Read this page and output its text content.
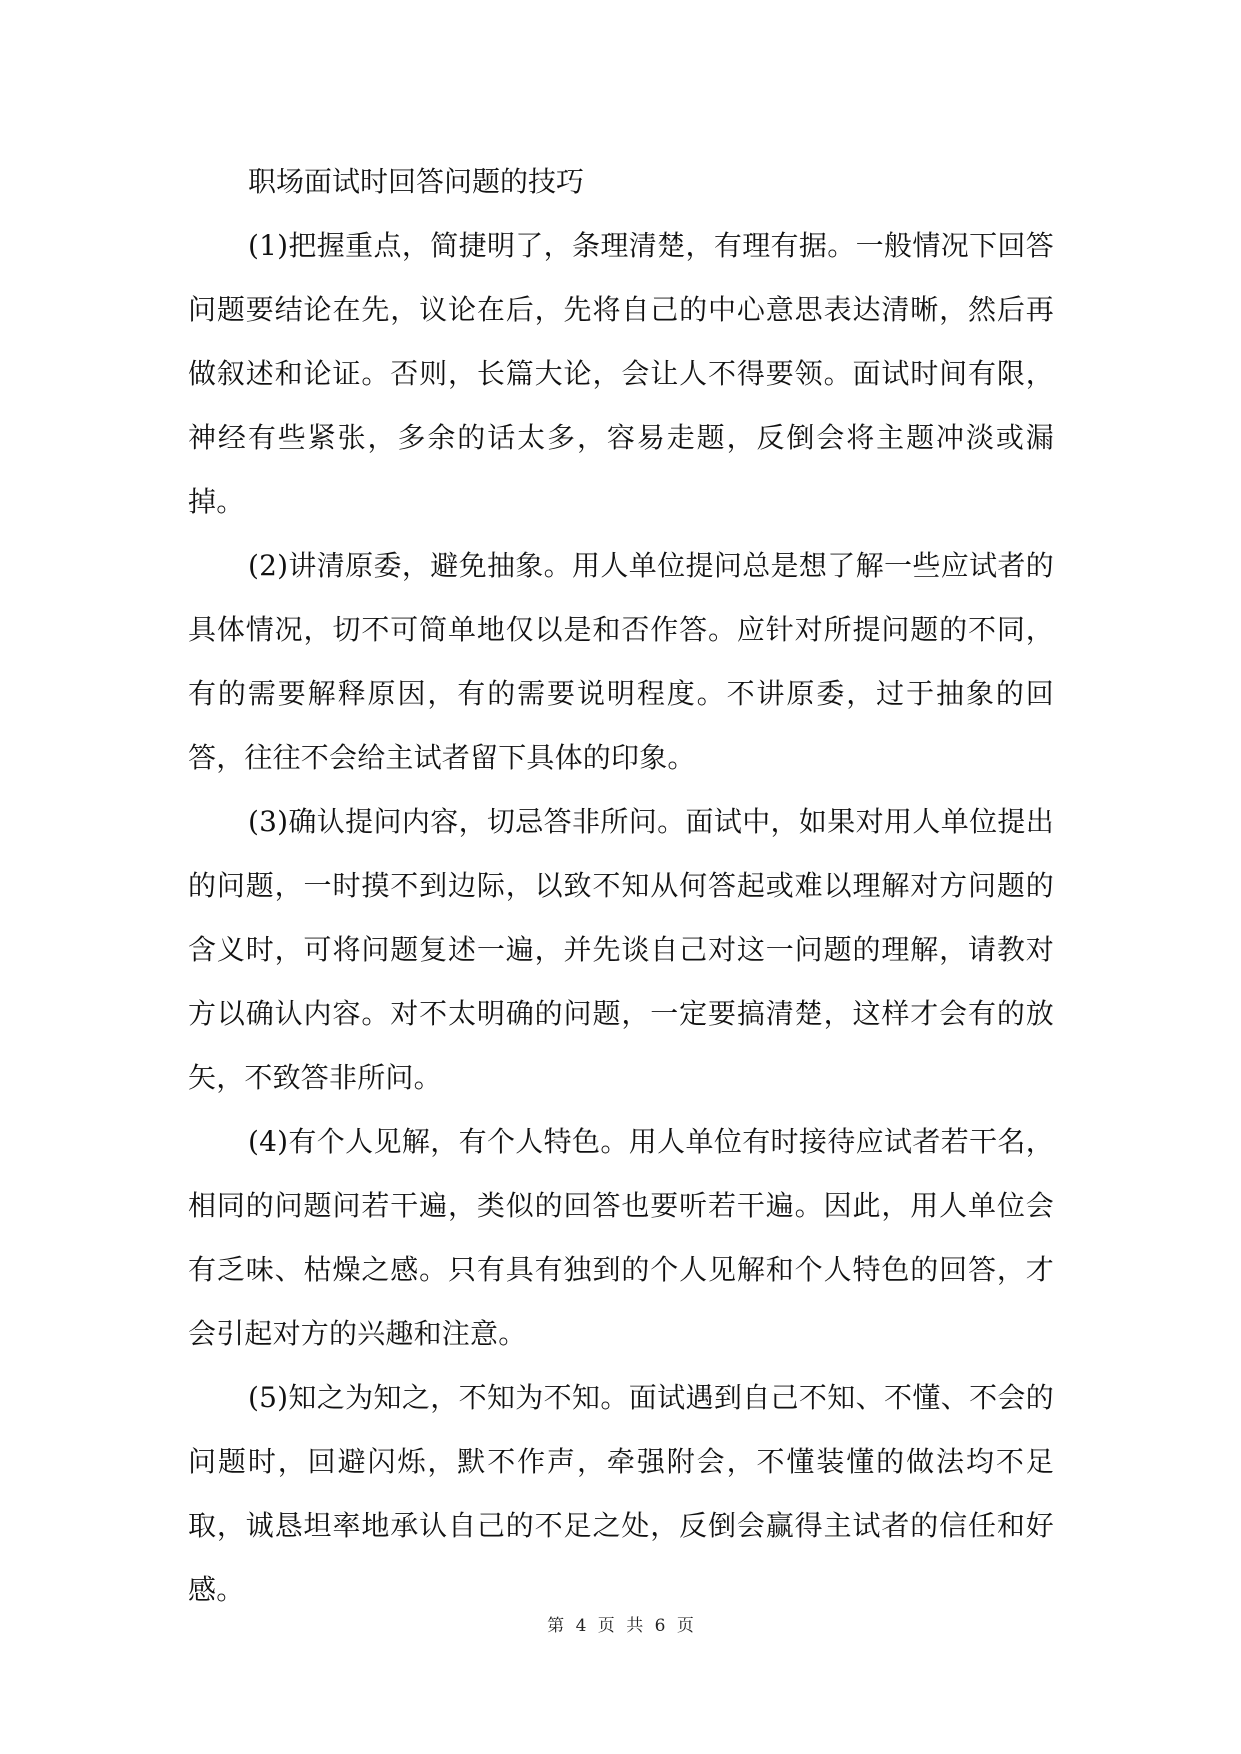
职场面试时回答问题的技巧

(1)把握重点，简捷明了，条理清楚，有理有据。一般情况下回答问题要结论在先，议论在后，先将自己的中心意思表达清晰，然后再做叙述和论证。否则，长篇大论，会让人不得要领。面试时间有限，神经有些紧张，多余的话太多，容易走题，反倒会将主题冲淡或漏掉。

(2)讲清原委，避免抽象。用人单位提问总是想了解一些应试者的具体情况，切不可简单地仅以是和否作答。应针对所提问题的不同，有的需要解释原因，有的需要说明程度。不讲原委，过于抽象的回答，往往不会给主试者留下具体的印象。

(3)确认提问内容，切忌答非所问。面试中，如果对用人单位提出的问题，一时摸不到边际，以致不知从何答起或难以理解对方问题的含义时，可将问题复述一遍，并先谈自己对这一问题的理解，请教对方以确认内容。对不太明确的问题，一定要搞清楚，这样才会有的放矢，不致答非所问。

(4)有个人见解，有个人特色。用人单位有时接待应试者若干名，相同的问题问若干遍，类似的回答也要听若干遍。因此，用人单位会有乏味、枯燥之感。只有具有独到的个人见解和个人特色的回答，才会引起对方的兴趣和注意。

(5)知之为知之，不知为不知。面试遇到自己不知、不懂、不会的问题时，回避闪烁，默不作声，牵强附会，不懂装懂的做法均不足取，诚恳坦率地承认自己的不足之处，反倒会赢得主试者的信任和好感。

第 4 页 共 6 页
